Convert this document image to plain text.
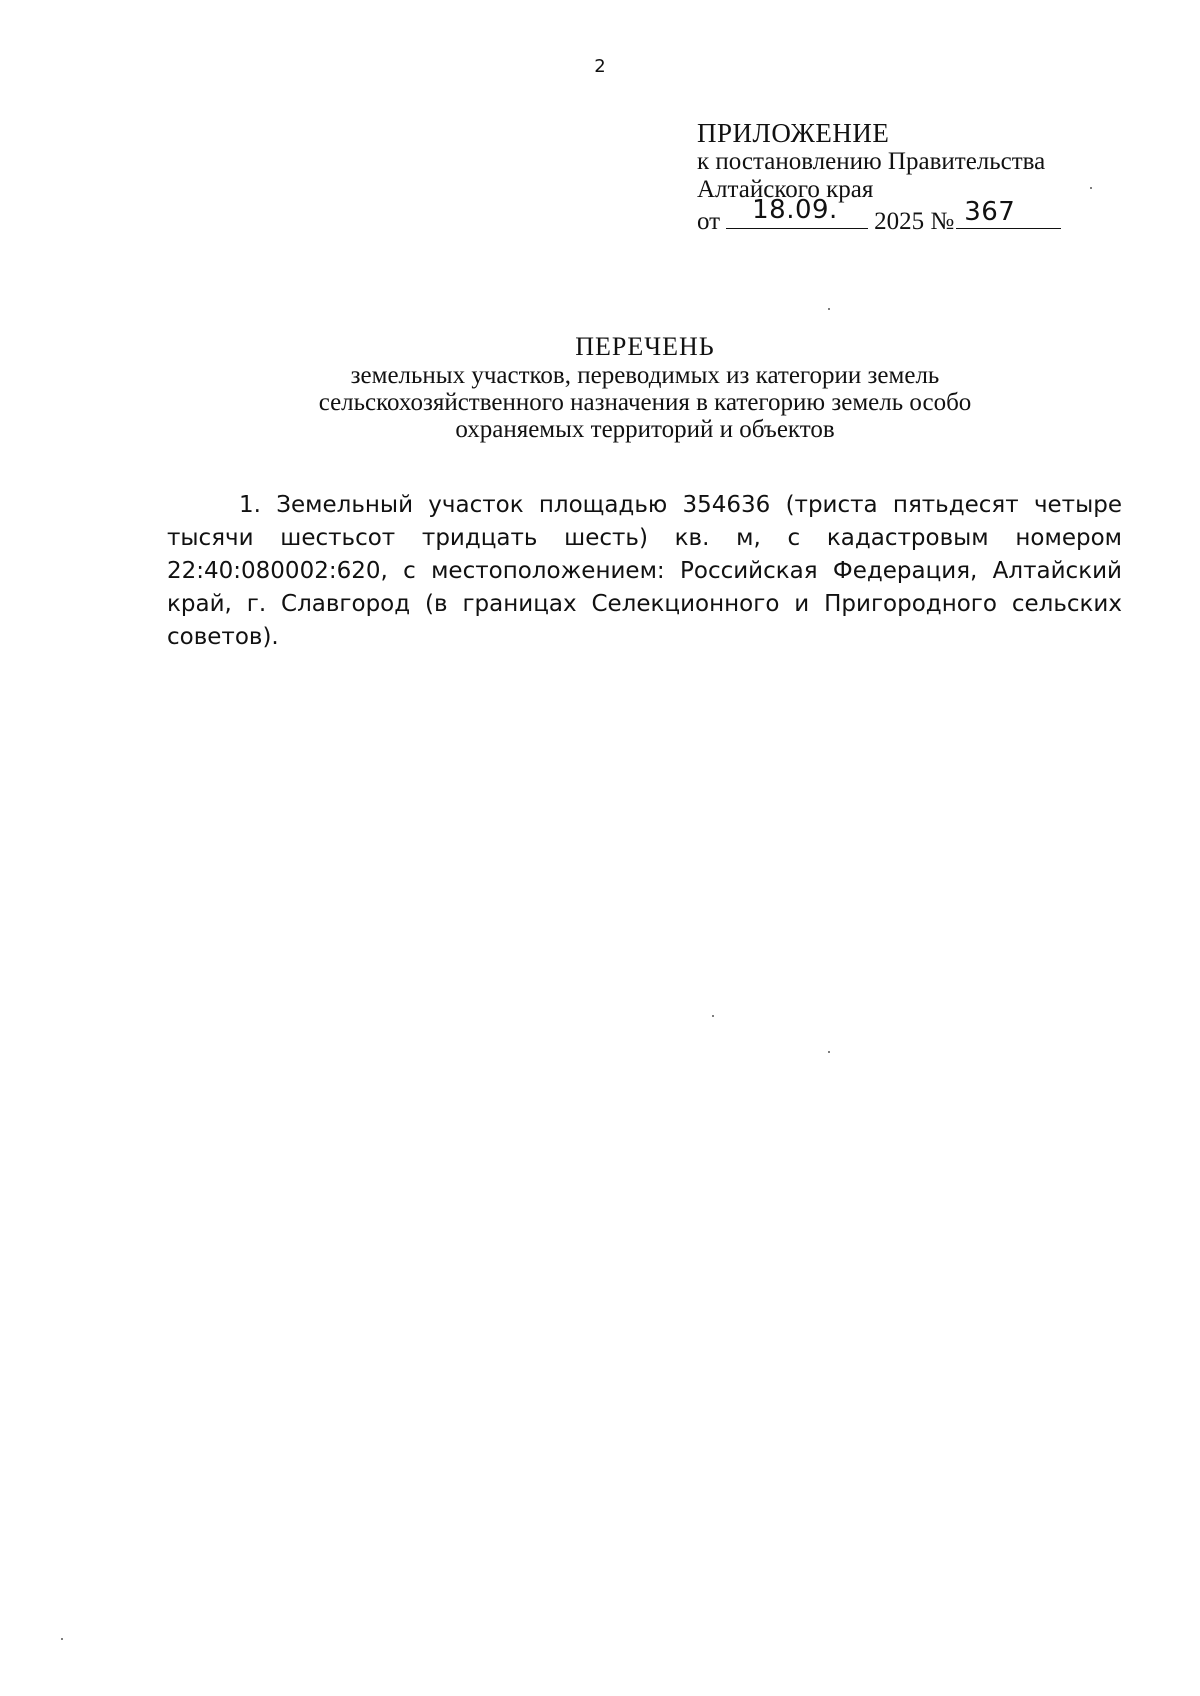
2
ПРИЛОЖЕНИЕ
к постановлению Правительства
Алтайского края
от 18.09. 2025 № 367
ПЕРЕЧЕНЬ
земельных участков, переводимых из категории земель сельскохозяйственного назначения в категорию земель особо охраняемых территорий и объектов
1. Земельный участок площадью 354636 (триста пятьдесят четыре тысячи шестьсот тридцать шесть) кв. м, с кадастровым номером 22:40:080002:620, с местоположением: Российская Федерация, Алтайский край, г. Славгород (в границах Селекционного и Пригородного сельских советов).
